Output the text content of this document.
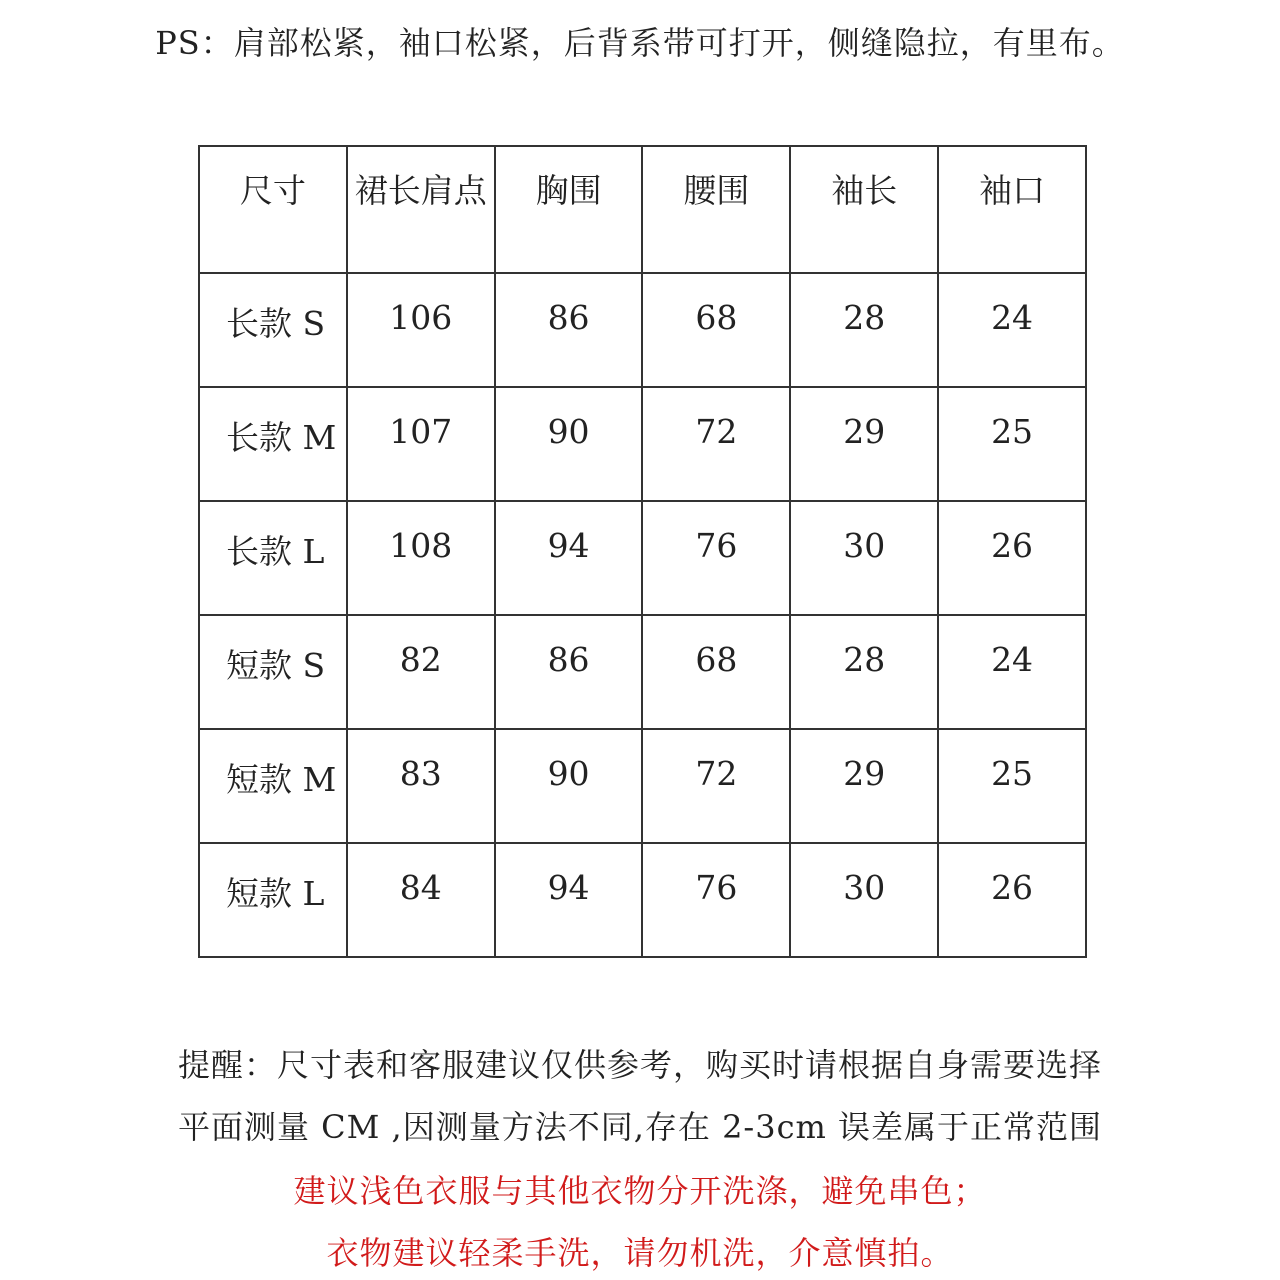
PS：肩部松紧，袖口松紧，后背系带可打开，侧缝隐拉，有里布。
尺寸	裙长肩点	胸围	腰围	袖长	袖口
长款 S	106	86	68	28	24
长款 M	107	90	72	29	25
长款 L	108	94	76	30	26
短款 S	82	86	68	28	24
短款 M	83	90	72	29	25
短款 L	84	94	76	30	26
提醒：尺寸表和客服建议仅供参考，购买时请根据自身需要选择
平面测量 CM ,因测量方法不同,存在 2-3cm 误差属于正常范围
建议浅色衣服与其他衣物分开洗涤，避免串色；
衣物建议轻柔手洗，请勿机洗，介意慎拍。
